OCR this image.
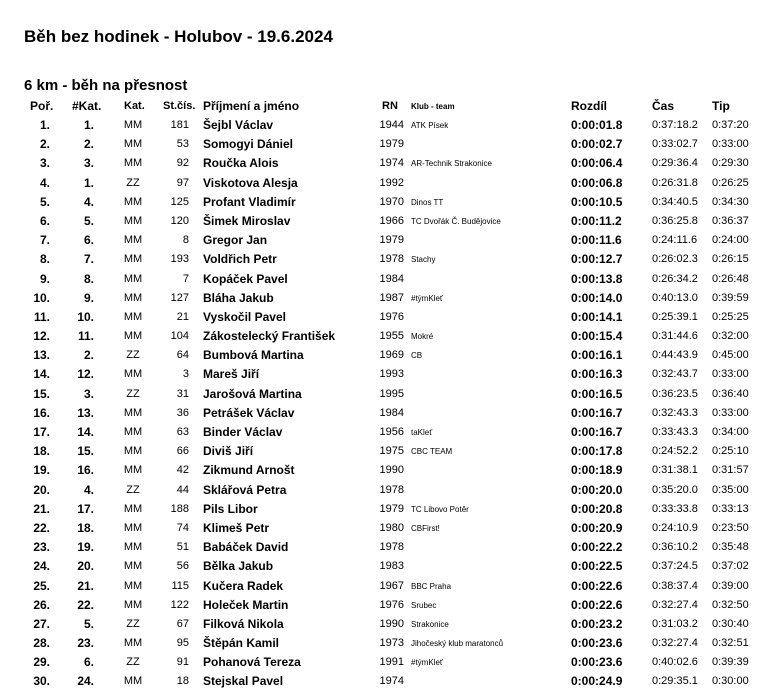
Běh bez hodinek - Holubov - 19.6.2024
6 km - běh na přesnost
Poř. #Kat. Kat. St.čís. Příjmení a jméno	RN Klub - team	Rozdíl	Čas	Tip
1.	1.	MM	181 Šejbl Václav	1944 ATK Písek	0:00:01.8	0:37:18.2 0:37:20
2.	2.	MM	53 Somogyi Dániel	1979	0:00:02.7	0:33:02.7 0:33:00
3.	3.	MM	92 Roučka Alois	1974 AR-Technik Strakonice	0:00:06.4	0:29:36.4 0:29:30
4.	1.	ZZ	97 Viskotova Alesja	1992	0:00:06.8	0:26:31.8 0:26:25
5.	4.	MM	125 Profant Vladimír	1970 Dinos TT	0:00:10.5	0:34:40.5 0:34:30
6.	5.	MM	120 Šimek Miroslav	1966 TC Dvořák Č. Budějovice	0:00:11.2	0:36:25.8 0:36:37
7.	6.	MM	8 Gregor Jan	1979	0:00:11.6	0:24:11.6 0:24:00
8.	7.	MM	193 Voldřich Petr	1978 Stachy	0:00:12.7	0:26:02.3 0:26:15
9.	8.	MM	7 Kopáček Pavel	1984	0:00:13.8	0:26:34.2 0:26:48
10.	9.	MM	127 Bláha Jakub	1987 #týmKleť	0:00:14.0	0:40:13.0 0:39:59
11.	10.	MM	21 Vyskočil Pavel	1976	0:00:14.1	0:25:39.1 0:25:25
12.	11.	MM	104 Zákostelecký František	1955 Mokré	0:00:15.4	0:31:44.6 0:32:00
13.	2.	ZZ	64 Bumbová Martina	1969 CB	0:00:16.1	0:44:43.9 0:45:00
14.	12.	MM	3 Mareš Jiří	1993	0:00:16.3	0:32:43.7 0:33:00
15.	3.	ZZ	31 Jarošová Martina	1995	0:00:16.5	0:36:23.5 0:36:40
16.	13.	MM	36 Petrášek Václav	1984	0:00:16.7	0:32:43.3 0:33:00
17.	14.	MM	63 Binder Václav	1956 taKleť	0:00:16.7	0:33:43.3 0:34:00
18.	15.	MM	66 Diviš Jiří	1975 CBC TEAM	0:00:17.8	0:24:52.2 0:25:10
19.	16.	MM	42 Zikmund Arnošt	1990	0:00:18.9	0:31:38.1 0:31:57
20.	4.	ZZ	44 Sklářová Petra	1978	0:00:20.0	0:35:20.0 0:35:00
21.	17.	MM	188 Pils Libor	1979 TC Libovo Potěr	0:00:20.8	0:33:33.8 0:33:13
22.	18.	MM	74 Klimeš Petr	1980 CBFirst!	0:00:20.9	0:24:10.9 0:23:50
23.	19.	MM	51 Babáček David	1978	0:00:22.2	0:36:10.2 0:35:48
24.	20.	MM	56 Bělka Jakub	1983	0:00:22.5	0:37:24.5 0:37:02
25.	21.	MM	115 Kučera Radek	1967 BBC Praha	0:00:22.6	0:38:37.4 0:39:00
26.	22.	MM	122 Holeček Martin	1976 Srubec	0:00:22.6	0:32:27.4 0:32:50
27.	5.	ZZ	67 Filková Nikola	1990 Strakonice	0:00:23.2	0:31:03.2 0:30:40
28.	23.	MM	95 Štěpán Kamil	1973 Jihočeský klub maratonců	0:00:23.6	0:32:27.4 0:32:51
29.	6.	ZZ	91 Pohanová Tereza	1991 #týmKleť	0:00:23.6	0:40:02.6 0:39:39
30.	24.	MM	18 Stejskal Pavel	1974	0:00:24.9	0:29:35.1 0:30:00
